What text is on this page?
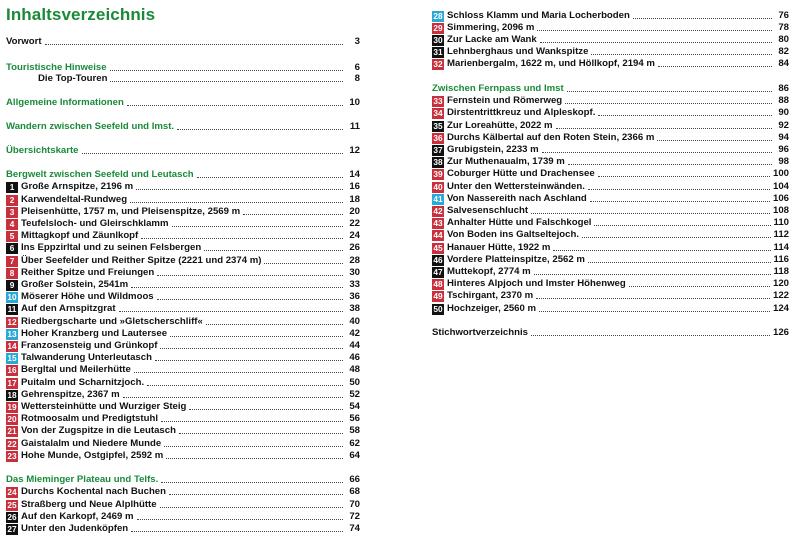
Inhaltsverzeichnis
Vorwort	3
Touristische Hinweise	6
Die Top-Touren	8
Allgemeine Informationen	10
Wandern zwischen Seefeld und Imst.	11
Übersichtskarte	12
Bergwelt zwischen Seefeld und Leutasch	14
1 Große Arnspitze, 2196 m	16
2 Karwendeltal-Rundweg	18
3 Pleisenhütte, 1757 m, und Pleisenspitze, 2569 m	20
4 Teufelsloch- und Gleirschklamm	22
5 Mittagkopf und Zäunlkopf	24
6 Ins Eppzirltal und zu seinen Felsbergen	26
7 Über Seefelder und Reither Spitze (2221 und 2374 m)	28
8 Reither Spitze und Freiungen	30
9 Großer Solstein, 2541m	33
10 Möserer Höhe und Wildmoos	36
11 Auf den Arnspitzgrat	38
12 Riedbergscharte und »Gletscherschliff«	40
13 Hoher Kranzberg und Lautersee	42
14 Franzosensteig und Grünkopf	44
15 Talwanderung Unterleutasch	46
16 Bergltal und Meilerhütte	48
17 Puitalm und Scharnitzjoch.	50
18 Gehrenspitze, 2367 m	52
19 Wettersteinhütte und Wurziger Steig	54
20 Rotmoosalm und Predigtstuhl	56
21 Von der Zugspitze in die Leutasch	58
22 Gaistalalm und Niedere Munde	62
23 Hohe Munde, Ostgipfel, 2592 m	64
Das Mieminger Plateau und Telfs.	66
24 Durchs Kochental nach Buchen	68
25 Straßberg und Neue Alplhütte	70
26 Auf den Karkopf, 2469 m	72
27 Unter den Judenköpfen	74
28 Schloss Klamm und Maria Locherboden	76
29 Simmering, 2096 m	78
30 Zur Lacke am Wank	80
31 Lehnberghaus und Wankspitze	82
32 Marienbergalm, 1622 m, und Höllkopf, 2194 m	84
Zwischen Fernpass und Imst	86
33 Fernstein und Römerweg	88
34 Dirstentrittkreuz und Alpleskopf.	90
35 Zur Loreahütte, 2022 m	92
36 Durchs Kälbertal auf den Roten Stein, 2366 m	94
37 Grubigstein, 2233 m	96
38 Zur Muthenaualm, 1739 m	98
39 Coburger Hütte und Drachensee	100
40 Unter den Wettersteinwänden.	104
41 Von Nassereith nach Aschland	106
42 Salvesenschlucht	108
43 Anhalter Hütte und Falschkogel	110
44 Von Boden ins Galtseltejoch.	112
45 Hanauer Hütte, 1922 m	114
46 Vordere Platteinspitze, 2562 m	116
47 Muttekopf, 2774 m	118
48 Hinteres Alpjoch und Imster Höhenweg	120
49 Tschirgant, 2370 m	122
50 Hochzeiger, 2560 m	124
Stichwortverzeichnis	126
